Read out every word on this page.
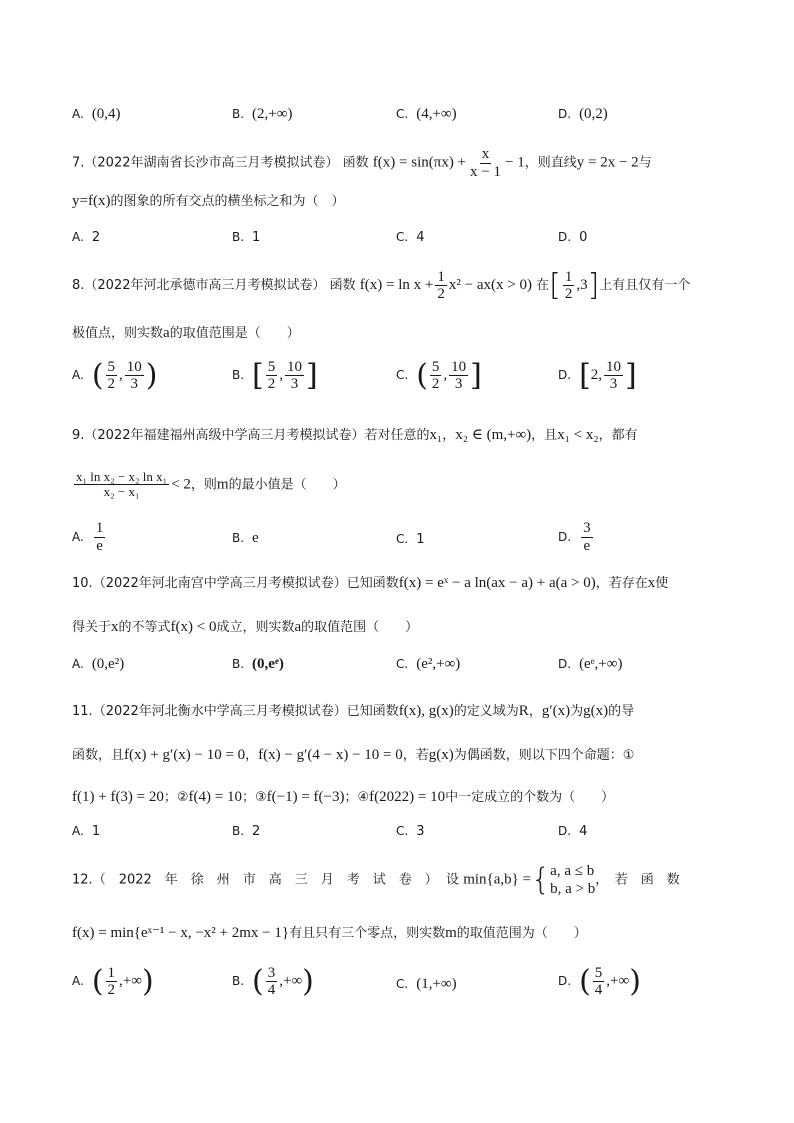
A. (0,4)	B. (2,+∞)	C. (4,+∞)	D. (0,2)
7.（2022年湖南省长沙市高三月考模拟试卷） 函数 $f(x) = \sin(\pi x) + \frac{x}{x - 1} - 1$，则直线y = 2x − 2与
y=f(x)的图象的所有交点的横坐标之和为（　）
A. 2	B. 1	C. 4	D. 0
8.（2022年河北承德市高三月考模拟试卷） 函数 $f(x) = \ln x + \frac{1}{2} x^2 - ax(x > 0)$ 在[ $\frac{1}{2} ,3$]上有且仅有一个
极值点，则实数a的取值范围是（　　）
A. ( $\frac{5}{2}$ , $\frac{10}{3}$ )	B. [ $\frac{5}{2}$ , $\frac{10}{3}$ ]	C. ( $\frac{5}{2}$ , $\frac{10}{3}$ ]	D. [2, $\frac{10}{3}$ ]
9.（2022年福建福州高级中学高三月考模拟试卷）若对任意的x₁，x₂ ∈ (m,+∞)，且x₁ < x₂，都有
$\frac{\text{x₁ ln x₂ − x₂ ln x₁}}{\text{x₂ − x₁}} < 2$，则m的最小值是（　　）
A. $\frac{1}{e}$	B. e	C. 1	D. $\frac{3}{e}$
10.（2022年河北南宫中学高三月考模拟试卷）已知函数f(x) = eˣ − a ln(ax − a) + a(a > 0)，若存在x使
得关于x的不等式f(x) < 0成立，则实数a的取值范围（　　）
A. (0,e²)	B. (0,eᵉ)	C. (e²,+∞)	D. (eᵉ,+∞)
11.（2022年河北衡水中学高三月考模拟试卷）已知函数f(x), g(x)的定义域为R，g′(x)为g(x)的导
函数，且f(x) + g′(x) − 10 = 0，f(x) − g′(4 − x) − 10 = 0，若g(x)为偶函数，则以下四个命题：①
f(1) + f(3) = 20；②f(4) = 10；③f(−1) = f(−3)；④f(2022) = 10中一定成立的个数为（　　）
A. 1	B. 2	C. 3	D. 4
12.（　2022　年　徐　州　市　高　三　月　考　试　卷　） 设 min{a,b} ={ a, a ≤ b
b, a > b
，　若　函　数
f(x) = min{eˣ⁻¹ − x, −x² + 2mx − 1}有且只有三个零点，则实数m的取值范围为（　　）
A. ( $\frac{1}{2}$ ,+∞)	B. ( $\frac{3}{4}$ ,+∞)	C. (1,+∞)	D. ( $\frac{5}{4}$ ,+∞)
